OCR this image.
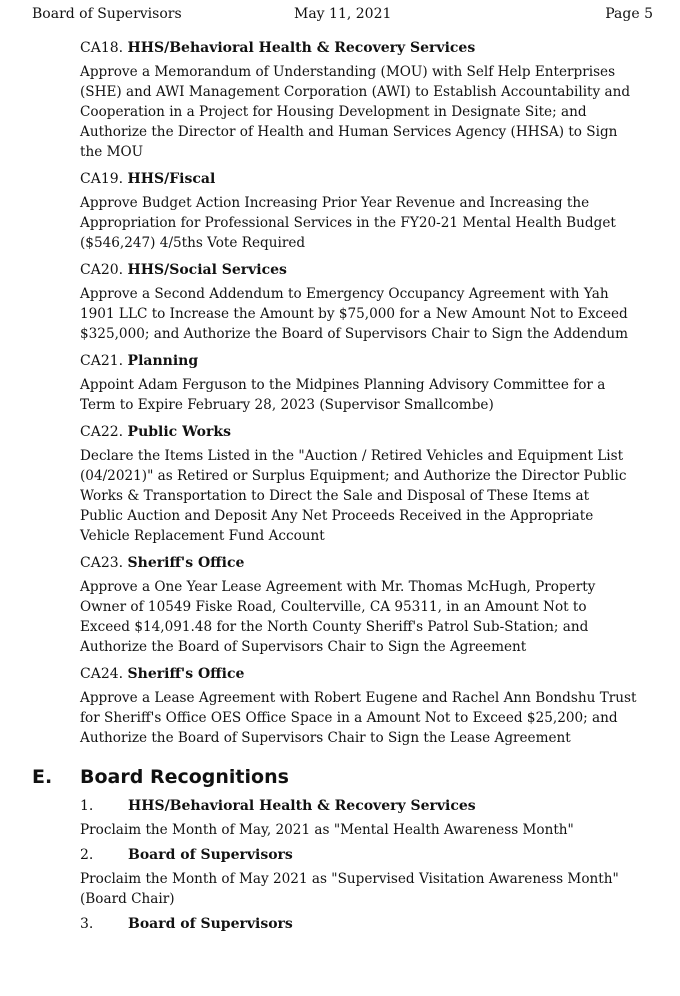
Board of Supervisors	May 11, 2021	Page 5
CA18. HHS/Behavioral Health & Recovery Services
Approve a Memorandum of Understanding (MOU) with Self Help Enterprises
(SHE) and AWI Management Corporation (AWI) to Establish Accountability and
Cooperation in a Project for Housing Development in Designate Site; and
Authorize the Director of Health and Human Services Agency (HHSA) to Sign
the MOU
CA19. HHS/Fiscal
Approve Budget Action Increasing Prior Year Revenue and Increasing the
Appropriation for Professional Services in the FY20-21 Mental Health Budget
($546,247) 4/5ths Vote Required
CA20. HHS/Social Services
Approve a Second Addendum to Emergency Occupancy Agreement with Yah
1901 LLC to Increase the Amount by $75,000 for a New Amount Not to Exceed
$325,000; and Authorize the Board of Supervisors Chair to Sign the Addendum
CA21. Planning
Appoint Adam Ferguson to the Midpines Planning Advisory Committee for a
Term to Expire February 28, 2023 (Supervisor Smallcombe)
CA22. Public Works
Declare the Items Listed in the "Auction / Retired Vehicles and Equipment List
(04/2021)" as Retired or Surplus Equipment; and Authorize the Director Public
Works & Transportation to Direct the Sale and Disposal of These Items at
Public Auction and Deposit Any Net Proceeds Received in the Appropriate
Vehicle Replacement Fund Account
CA23. Sheriff's Office
Approve a One Year Lease Agreement with Mr. Thomas McHugh, Property
Owner of 10549 Fiske Road, Coulterville, CA 95311, in an Amount Not to
Exceed $14,091.48 for the North County Sheriff's Patrol Sub-Station; and
Authorize the Board of Supervisors Chair to Sign the Agreement
CA24. Sheriff's Office
Approve a Lease Agreement with Robert Eugene and Rachel Ann Bondshu Trust
for Sheriff's Office OES Office Space in a Amount Not to Exceed $25,200; and
Authorize the Board of Supervisors Chair to Sign the Lease Agreement
E. Board Recognitions
1. HHS/Behavioral Health & Recovery Services
Proclaim the Month of May, 2021 as "Mental Health Awareness Month"
2. Board of Supervisors
Proclaim the Month of May 2021 as "Supervised Visitation Awareness Month"
(Board Chair)
3. Board of Supervisors
